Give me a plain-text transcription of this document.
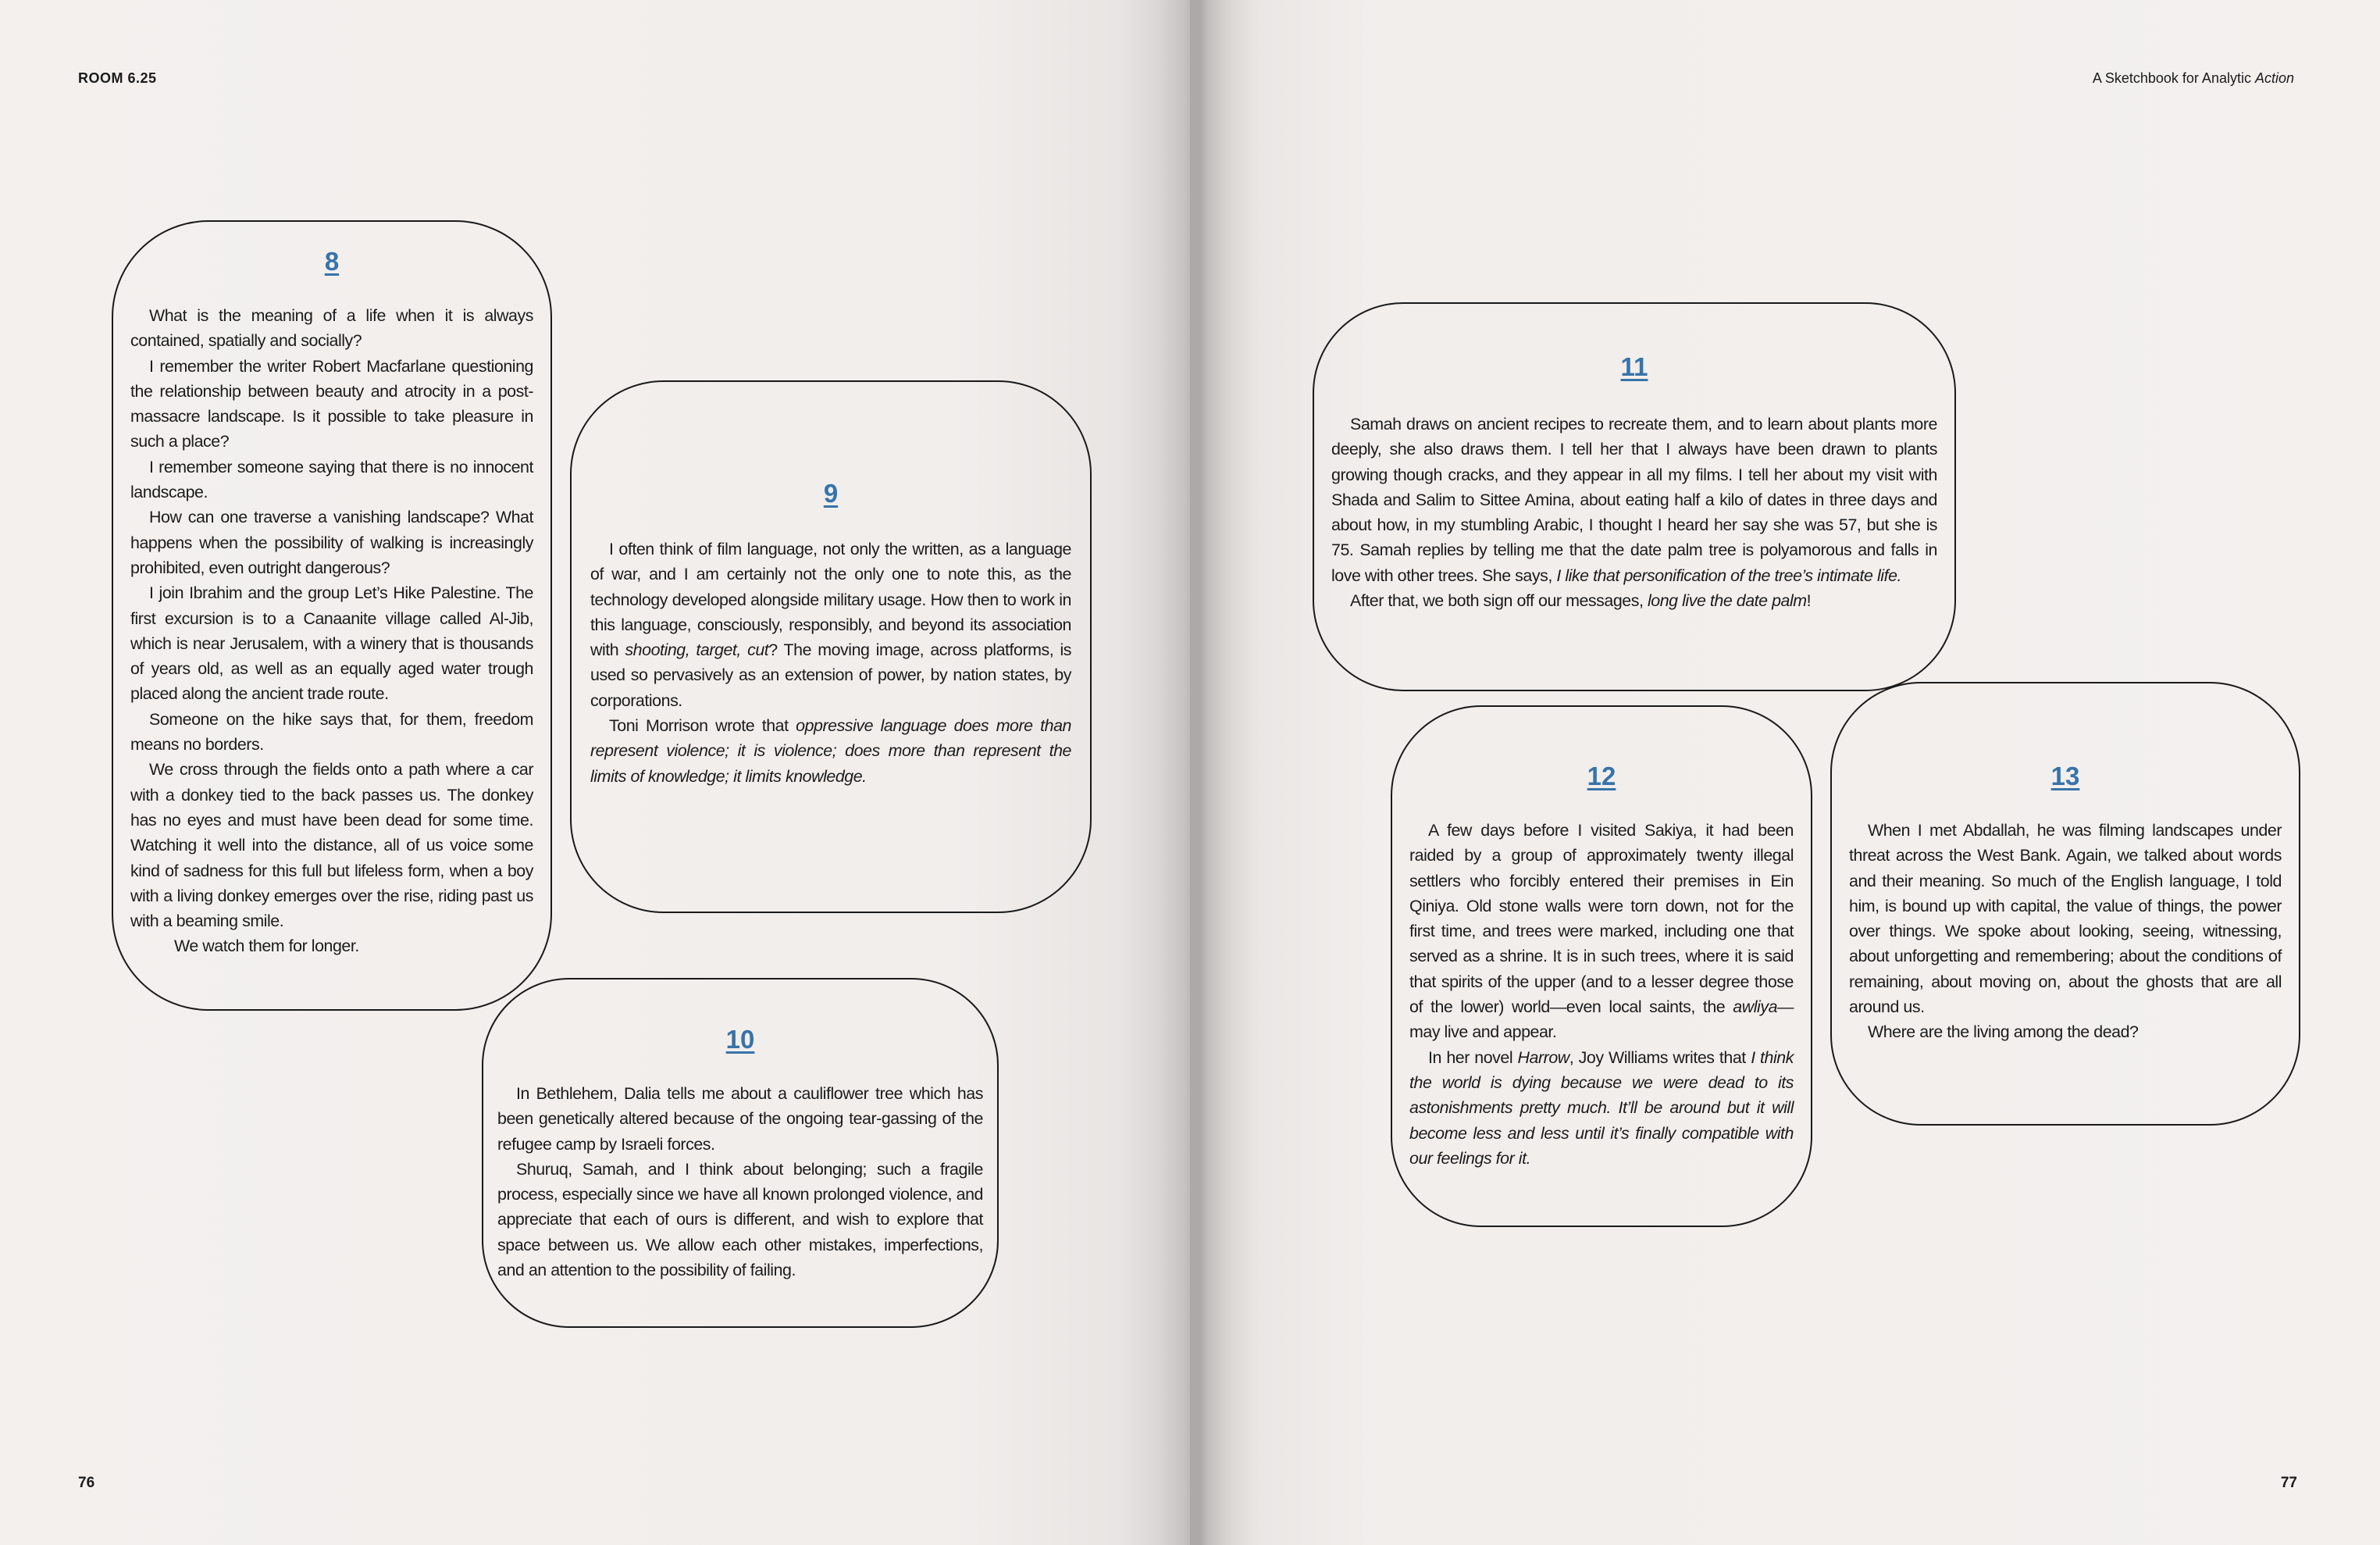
ROOM 6.25	A Sketchbook for Analytic Action

76	77

8

What is the meaning of a life when it is always contained, spatially and socially?

I remember the writer Robert Macfarlane questioning the relationship between beauty and atrocity in a post-massacre landscape. Is it possible to take pleasure in such a place?

I remember someone saying that there is no innocent landscape.

How can one traverse a vanishing landscape? What happens when the possibility of walking is increasingly prohibited, even outright dangerous?

I join Ibrahim and the group Let’s Hike Palestine. The first excursion is to a Canaanite village called Al-Jib, which is near Jerusalem, with a winery that is thousands of years old, as well as an equally aged water trough placed along the ancient trade route.

Someone on the hike says that, for them, freedom means no borders.

We cross through the fields onto a path where a car with a donkey tied to the back passes us. The donkey has no eyes and must have been dead for some time. Watching it well into the distance, all of us voice some kind of sadness for this full but lifeless form, when a boy with a living donkey emerges over the rise, riding past us with a beaming smile.

We watch them for longer.

9

I often think of film language, not only the written, as a language of war, and I am certainly not the only one to note this, as the technology developed alongside military usage. How then to work in this language, consciously, responsibly, and beyond its association with shooting, target, cut? The moving image, across platforms, is used so pervasively as an extension of power, by nation states, by corporations.

Toni Morrison wrote that oppressive language does more than represent violence; it is violence; does more than represent the limits of knowledge; it limits knowledge.

10

In Bethlehem, Dalia tells me about a cauliflower tree which has been genetically altered because of the ongoing tear-gassing of the refugee camp by Israeli forces.

Shuruq, Samah, and I think about belonging; such a fragile process, especially since we have all known prolonged violence, and appreciate that each of ours is different, and wish to explore that space between us. We allow each other mistakes, imperfections, and an attention to the possibility of failing.

11

Samah draws on ancient recipes to recreate them, and to learn about plants more deeply, she also draws them. I tell her that I always have been drawn to plants growing though cracks, and they appear in all my films. I tell her about my visit with Shada and Salim to Sittee Amina, about eating half a kilo of dates in three days and about how, in my stumbling Arabic, I thought I heard her say she was 57, but she is 75. Samah replies by telling me that the date palm tree is polyamorous and falls in love with other trees. She says, I like that personification of the tree’s intimate life.

After that, we both sign off our messages, long live the date palm!

12

A few days before I visited Sakiya, it had been raided by a group of approximately twenty illegal settlers who forcibly entered their premises in Ein Qiniya. Old stone walls were torn down, not for the first time, and trees were marked, including one that served as a shrine. It is in such trees, where it is said that spirits of the upper (and to a lesser degree those of the lower) world—even local saints, the awliya—may live and appear.

In her novel Harrow, Joy Williams writes that I think the world is dying because we were dead to its astonishments pretty much. It’ll be around but it will become less and less until it’s finally compatible with our feelings for it.

13

When I met Abdallah, he was filming landscapes under threat across the West Bank. Again, we talked about words and their meaning. So much of the English language, I told him, is bound up with capital, the value of things, the power over things. We spoke about looking, seeing, witnessing, about unforgetting and remembering; about the conditions of remaining, about moving on, about the ghosts that are all around us.

Where are the living among the dead?
